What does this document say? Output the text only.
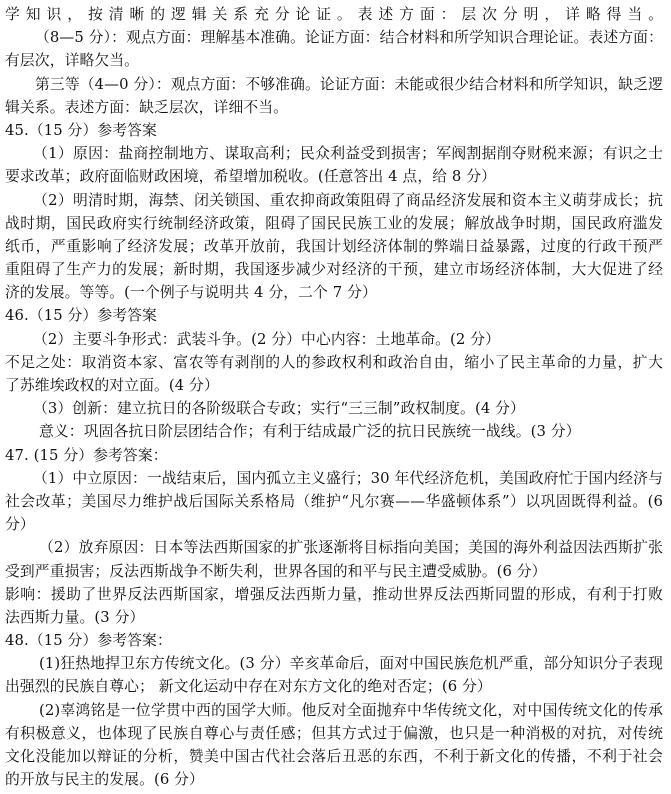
学知识，按清晰的逻辑关系充分论证。表述方面：层次分明，详略得当。
（8—5 分）：观点方面：理解基本准确。论证方面：结合材料和所学知识合理论证。表述方面：
有层次，详略欠当。
第三等（4—0 分）：观点方面：不够准确。论证方面：未能或很少结合材料和所学知识，缺乏逻
辑关系。表述方面：缺乏层次，详细不当。
45.（15 分）参考答案
（1）原因：盐商控制地方、谋取高利；民众利益受到损害；军阀割据削夺财税来源；有识之士
要求改革；政府面临财政困境，希望增加税收。(任意答出 4 点，给 8 分）
（2）明清时期，海禁、闭关锁国、重农抑商政策阻碍了商品经济发展和资本主义萌芽成长；抗
战时期，国民政府实行统制经济政策，阻碍了国民民族工业的发展；解放战争时期，国民政府滥发
纸币，严重影响了经济发展；改革开放前，我国计划经济体制的弊端日益暴露，过度的行政干预严
重阻碍了生产力的发展；新时期，我国逐步减少对经济的干预，建立市场经济体制，大大促进了经
济的发展。等等。(一个例子与说明共 4 分，二个 7 分）
46.（15 分）参考答案
（2）主要斗争形式：武装斗争。(2 分）中心内容：土地革命。(2 分）
不足之处：取消资本家、富农等有剥削的人的参政权利和政治自由，缩小了民主革命的力量，扩大
了苏维埃政权的对立面。(4 分）
（3）创新：建立抗日的各阶级联合专政；实行“三三制”政权制度。(4 分）
意义：巩固各抗日阶层团结合作；有利于结成最广泛的抗日民族统一战线。(3 分）
47. (15 分）参考答案：
（1）中立原因：一战结束后，国内孤立主义盛行；30 年代经济危机，美国政府忙于国内经济与
社会改革；美国尽力维护战后国际关系格局（维护“凡尔赛——华盛顿体系”）以巩固既得利益。(6
分）
（2）放弃原因：日本等法西斯国家的扩张逐渐将目标指向美国；美国的海外利益因法西斯扩张
受到严重损害；反法西斯战争不断失利，世界各国的和平与民主遭受威胁。(6 分）
影响：援助了世界反法西斯国家，增强反法西斯力量，推动世界反法西斯同盟的形成，有利于打败
法西斯力量。(3 分）
48.（15 分）参考答案：
(1)狂热地捍卫东方传统文化。(3 分）辛亥革命后，面对中国民族危机严重，部分知识分子表现
出强烈的民族自尊心； 新文化运动中存在对东方文化的绝对否定；(6 分）
(2)辜鸿铭是一位学贯中西的国学大师。他反对全面抛弃中华传统文化，对中国传统文化的传承
有积极意义，也体现了民族自尊心与责任感；但其方式过于偏激，也只是一种消极的对抗，对传统
文化没能加以辩证的分析，赞美中国古代社会落后丑恶的东西，不利于新文化的传播，不利于社会
的开放与民主的发展。(6 分）
